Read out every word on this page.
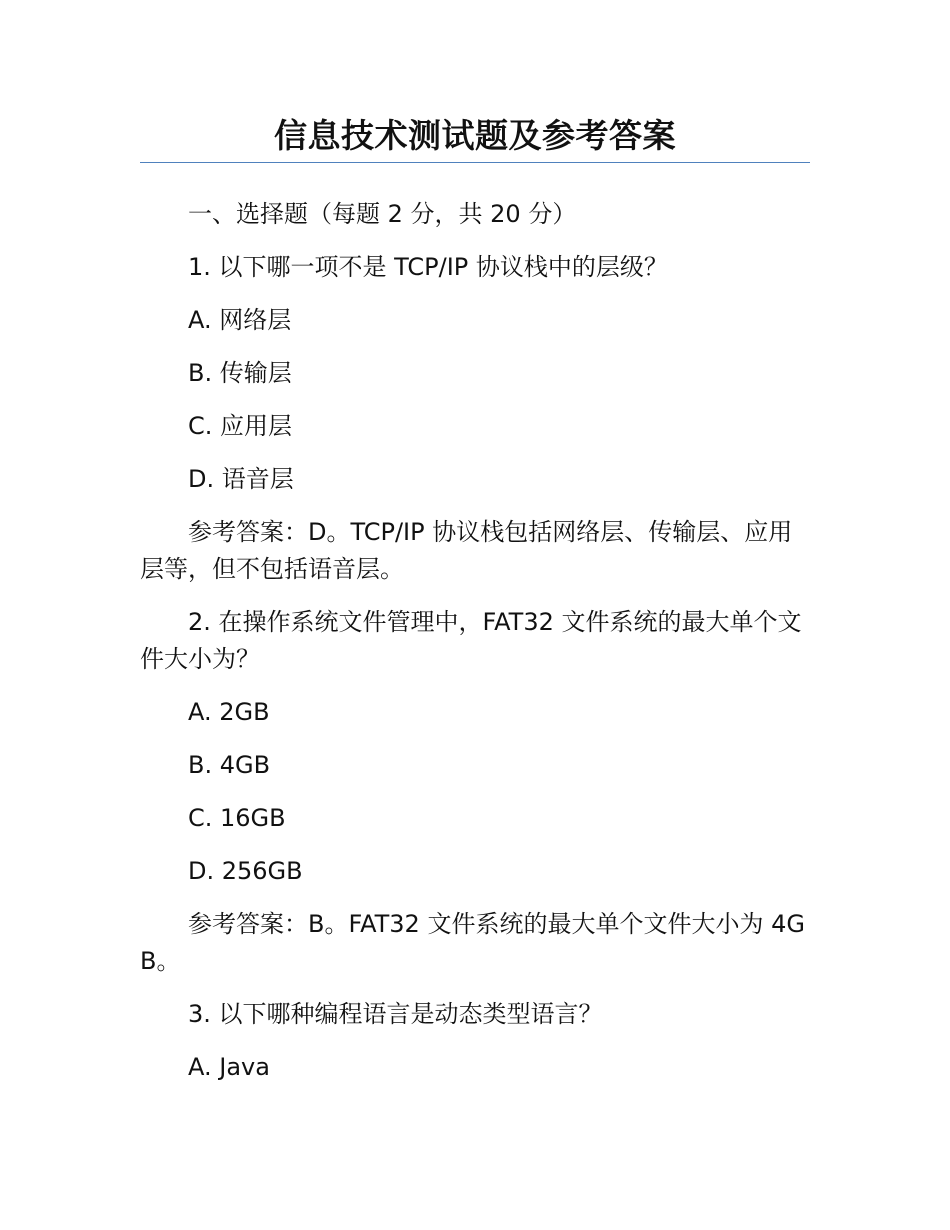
信息技术测试题及参考答案

一、选择题（每题 2 分，共 20 分）

1. 以下哪一项不是 TCP/IP 协议栈中的层级？

A. 网络层

B. 传输层

C. 应用层

D. 语音层

参考答案：D。TCP/IP 协议栈包括网络层、传输层、应用层等，但不包括语音层。

2. 在操作系统文件管理中，FAT32 文件系统的最大单个文件大小为？

A. 2GB

B. 4GB

C. 16GB

D. 256GB

参考答案：B。FAT32 文件系统的最大单个文件大小为 4GB。

3. 以下哪种编程语言是动态类型语言？

A. Java
